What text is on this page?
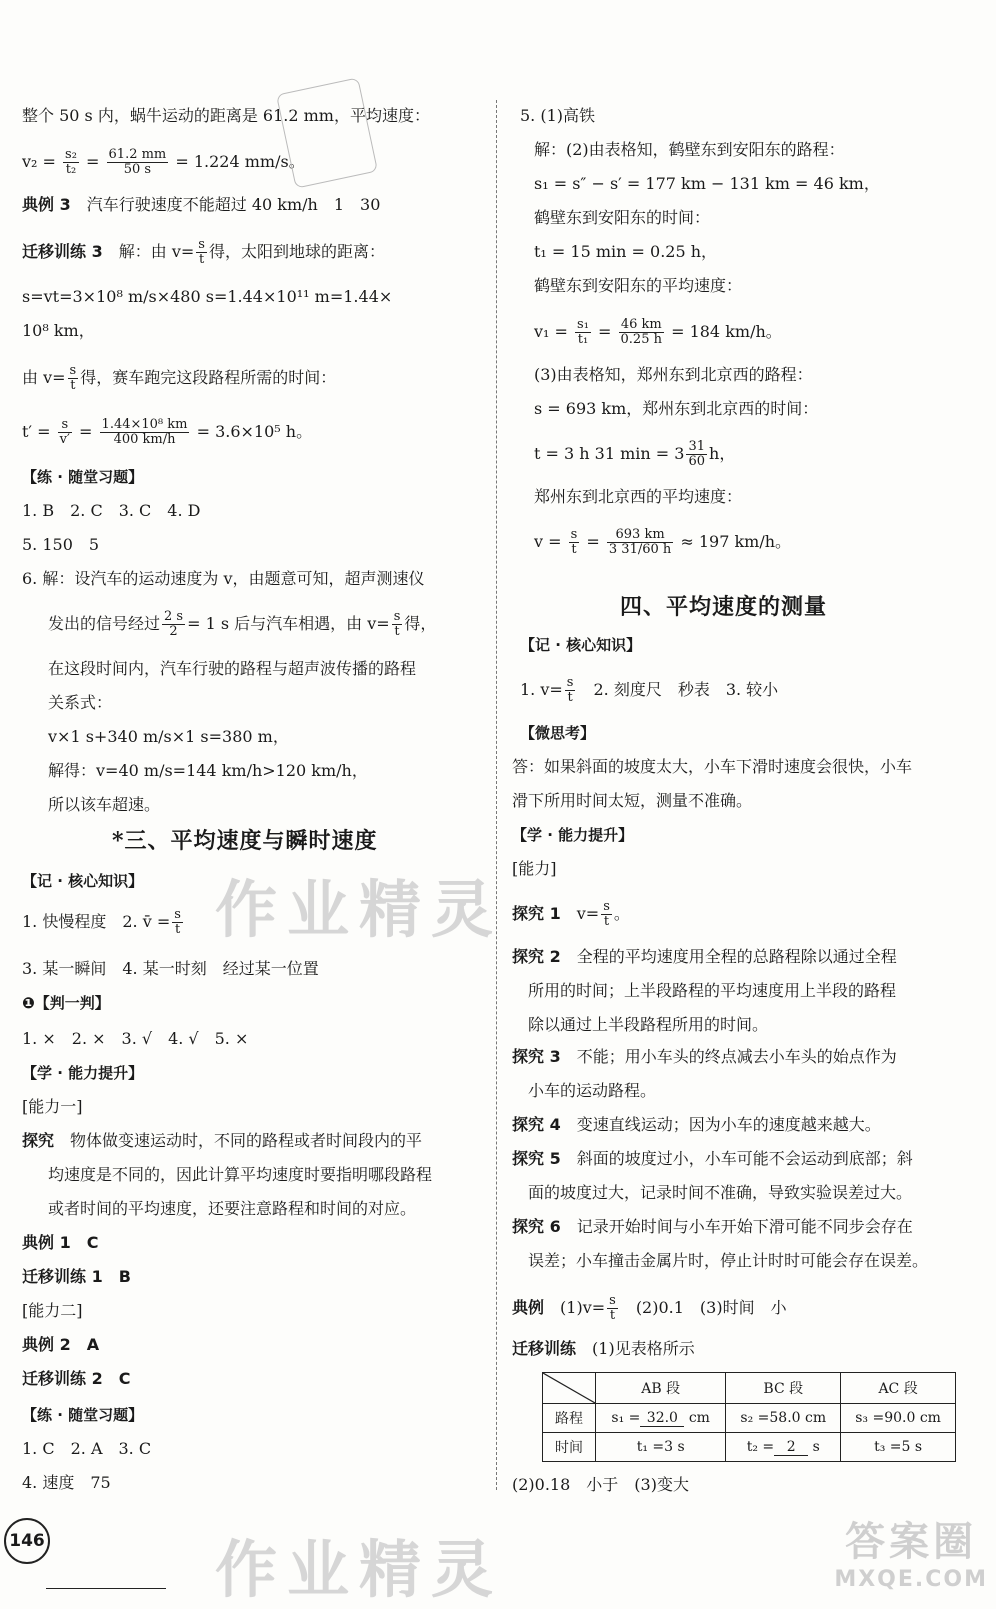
整个 50 s 内，蜗牛运动的距离是 61.2 mm，平均速度：
$v_2 = \frac{\text{s₂}}{\text{t₂}} = \frac{61.2 mm}{50 s} = 1.224$ mm/s。
典例 3　 汽车行驶速度不能超过 40 km/h　1　30
迁移训练 3　 解：由 $v= \frac{s}{t}$ 得，太阳到地球的距离：
s=vt=3×10⁸ m/s×480 s=1.44×10¹¹ m=1.44×
10⁸ km，
由 $v= \frac{s}{t}$ 得，赛车跑完这段路程所需的时间：
$t' = \frac{s}{v'} = \frac{\text{1.44×10⁸ km}}{400 km/h} = 3.6\times 10^5$ h。
【练 · 随堂习题】
1. B　2. C　3. C　4. D
5. 150　5
6. 解：设汽车的运动速度为 v，由题意可知，超声测速仪
发出的信号经过 $\frac{2 s}{2} = 1$ s 后与汽车相遇，由 $v= \frac{s}{t}$ 得，
在这段时间内，汽车行驶的路程与超声波传播的路程
关系式：
v×1 s+340 m/s×1 s=380 m，
解得：v=40 m/s=144 km/h>120 km/h，
所以该车超速。
*三、平均速度与瞬时速度
【记 · 核心知识】
1. 快慢程度　2. v̄ = $\frac{s}{t}$
3. 某一瞬间　4. 某一时刻　经过某一位置
❶【判一判】
1. ×　2. ×　3. √　4. √　5. ×
【学 · 能力提升】
[能力一]
探究　 物体做变速运动时，不同的路程或者时间段内的平
均速度是不同的，因此计算平均速度时要指明哪段路程
或者时间的平均速度，还要注意路程和时间的对应。
典例 1　C
迁移训练 1　B
[能力二]
典例 2　A
迁移训练 2　C
【练 · 随堂习题】
1. C　2. A　3. C
4. 速度　75
5. (1)高铁
解：(2)由表格知，鹤壁东到安阳东的路程：
s₁ = s″ − s′ = 177 km − 131 km = 46 km，
鹤壁东到安阳东的时间：
t₁ = 15 min = 0.25 h，
鹤壁东到安阳东的平均速度：
$v_1 = \frac{\text{s₁}}{\text{t₁}} = \frac{46 km}{0.25 h} = 184$ km/h。
(3)由表格知，郑州东到北京西的路程：
s = 693 km，郑州东到北京西的时间：
t = 3 h 31 $\min = 3 \frac{31}{60}$ h，
郑州东到北京西的平均速度：
$v = \frac{s}{t} = \frac{693 km}{3 31/60 h} \approx 197$ km/h。
四、平均速度的测量
【记 · 核心知识】
1. $v= \frac{s}{t}$ 　2. 刻度尺　秒表　3. 较小
【微思考】
答：如果斜面的坡度太大，小车下滑时速度会很快，小车
滑下所用时间太短，测量不准确。
【学 · 能力提升】
[能力]
探究 1　 $v= \frac{s}{t}$ 。
探究 2　 全程的平均速度用全程的总路程除以通过全程
所用的时间；上半段路程的平均速度用上半段的路程
除以通过上半段路程所用的时间。
探究 3　 不能；用小车头的终点减去小车头的始点作为
小车的运动路程。
探究 4　 变速直线运动；因为小车的速度越来越大。
探究 5　 斜面的坡度过小，小车可能不会运动到底部；斜
面的坡度过大，记录时间不准确，导致实验误差过大。
探究 6　 记录开始时间与小车开始下滑可能不同步会存在
误差；小车撞击金属片时，停止计时时可能会存在误差。
典例　 $(1)v= \frac{s}{t}$ 　(2)0.1　(3)时间　小
迁移训练　 (1)见表格所示
	AB 段	BC 段	AC 段
路程	s₁ = 32.0 cm	s₂ =58.0 cm	s₃ =90.0 cm
时间	t₁ =3 s	t₂ = 2 s	t₃ =5 s
(2)0.18　小于　(3)变大
作业精灵
作业精灵
146	答案圈
MXQE.COM
